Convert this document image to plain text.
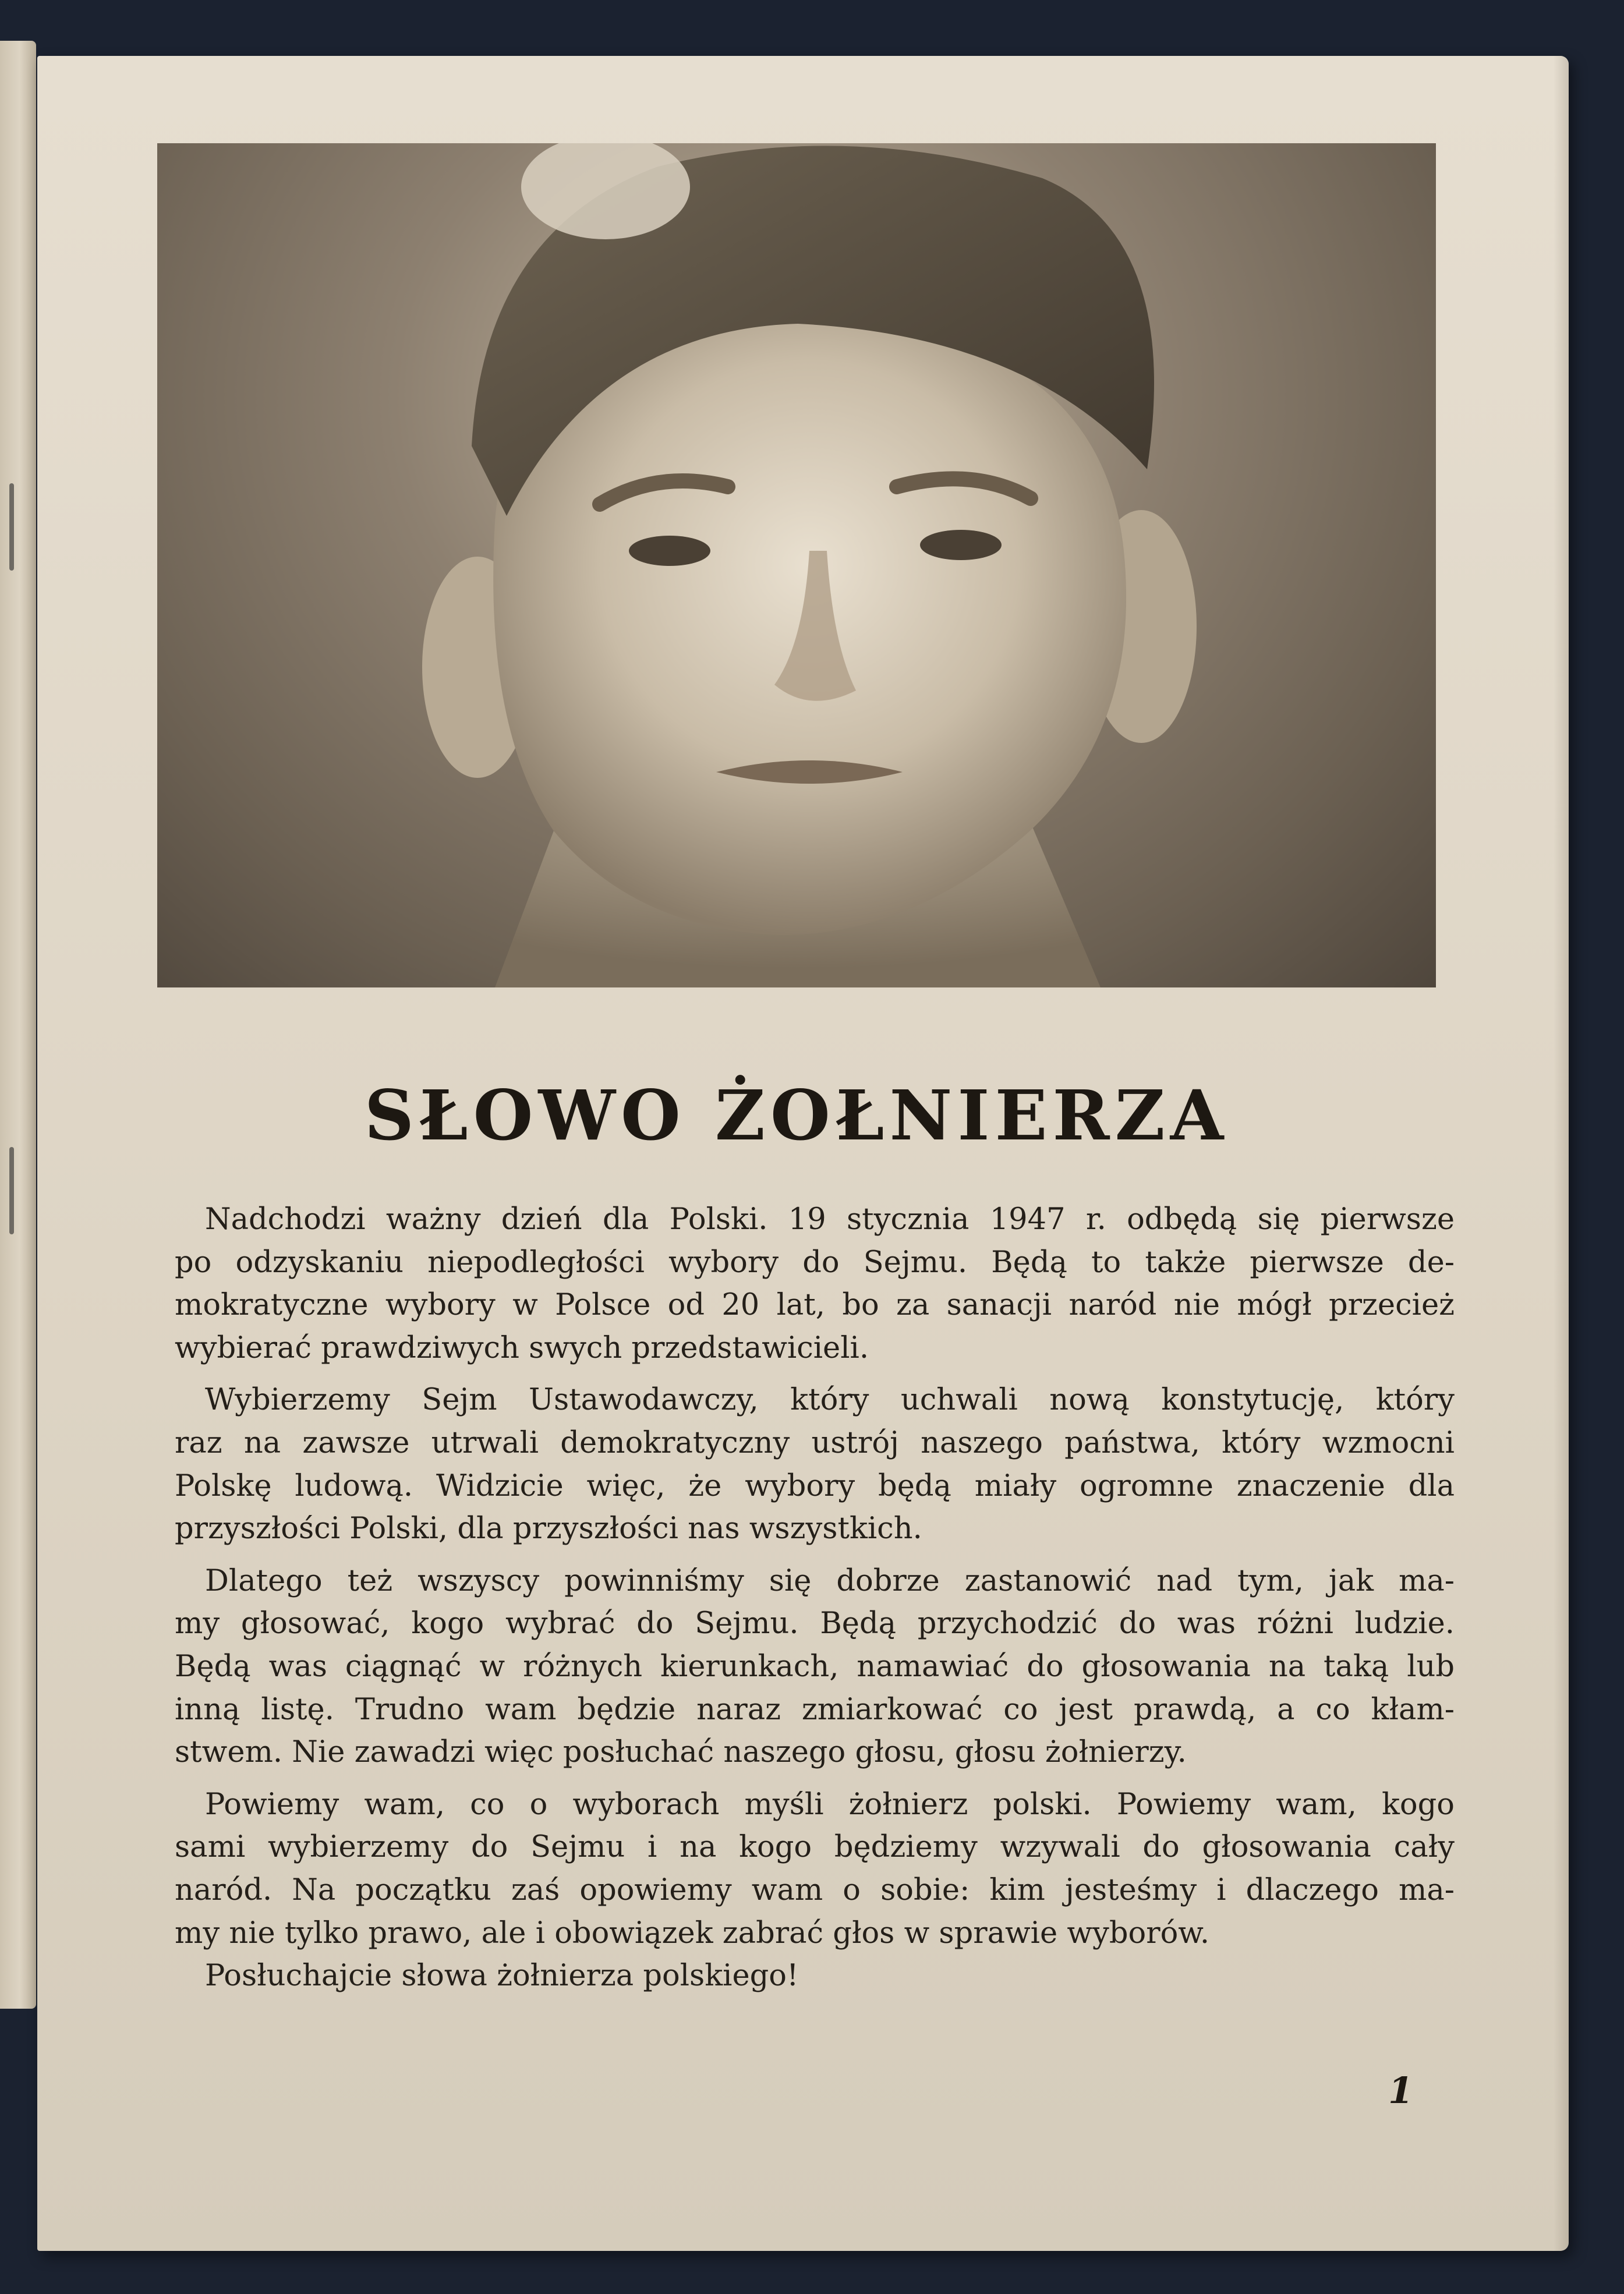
SŁOWO ŻOŁNIERZA
Nadchodzi ważny dzień dla Polski. 19 stycznia 1947 r. odbędą się pierwsze
po odzyskaniu niepodległości wybory do Sejmu. Będą to także pierwsze de-
mokratyczne wybory w Polsce od 20 lat, bo za sanacji naród nie mógł przecież
wybierać prawdziwych swych przedstawicieli.
Wybierzemy Sejm Ustawodawczy, który uchwali nową konstytucję, który
raz na zawsze utrwali demokratyczny ustrój naszego państwa, który wzmocni
Polskę ludową. Widzicie więc, że wybory będą miały ogromne znaczenie dla
przyszłości Polski, dla przyszłości nas wszystkich.
Dlatego też wszyscy powinniśmy się dobrze zastanowić nad tym, jak ma-
my głosować, kogo wybrać do Sejmu. Będą przychodzić do was różni ludzie.
Będą was ciągnąć w różnych kierunkach, namawiać do głosowania na taką lub
inną listę. Trudno wam będzie naraz zmiarkować co jest prawdą, a co kłam-
stwem. Nie zawadzi więc posłuchać naszego głosu, głosu żołnierzy.
Powiemy wam, co o wyborach myśli żołnierz polski. Powiemy wam, kogo
sami wybierzemy do Sejmu i na kogo będziemy wzywali do głosowania cały
naród. Na początku zaś opowiemy wam o sobie: kim jesteśmy i dlaczego ma-
my nie tylko prawo, ale i obowiązek zabrać głos w sprawie wyborów.
Posłuchajcie słowa żołnierza polskiego!
1
